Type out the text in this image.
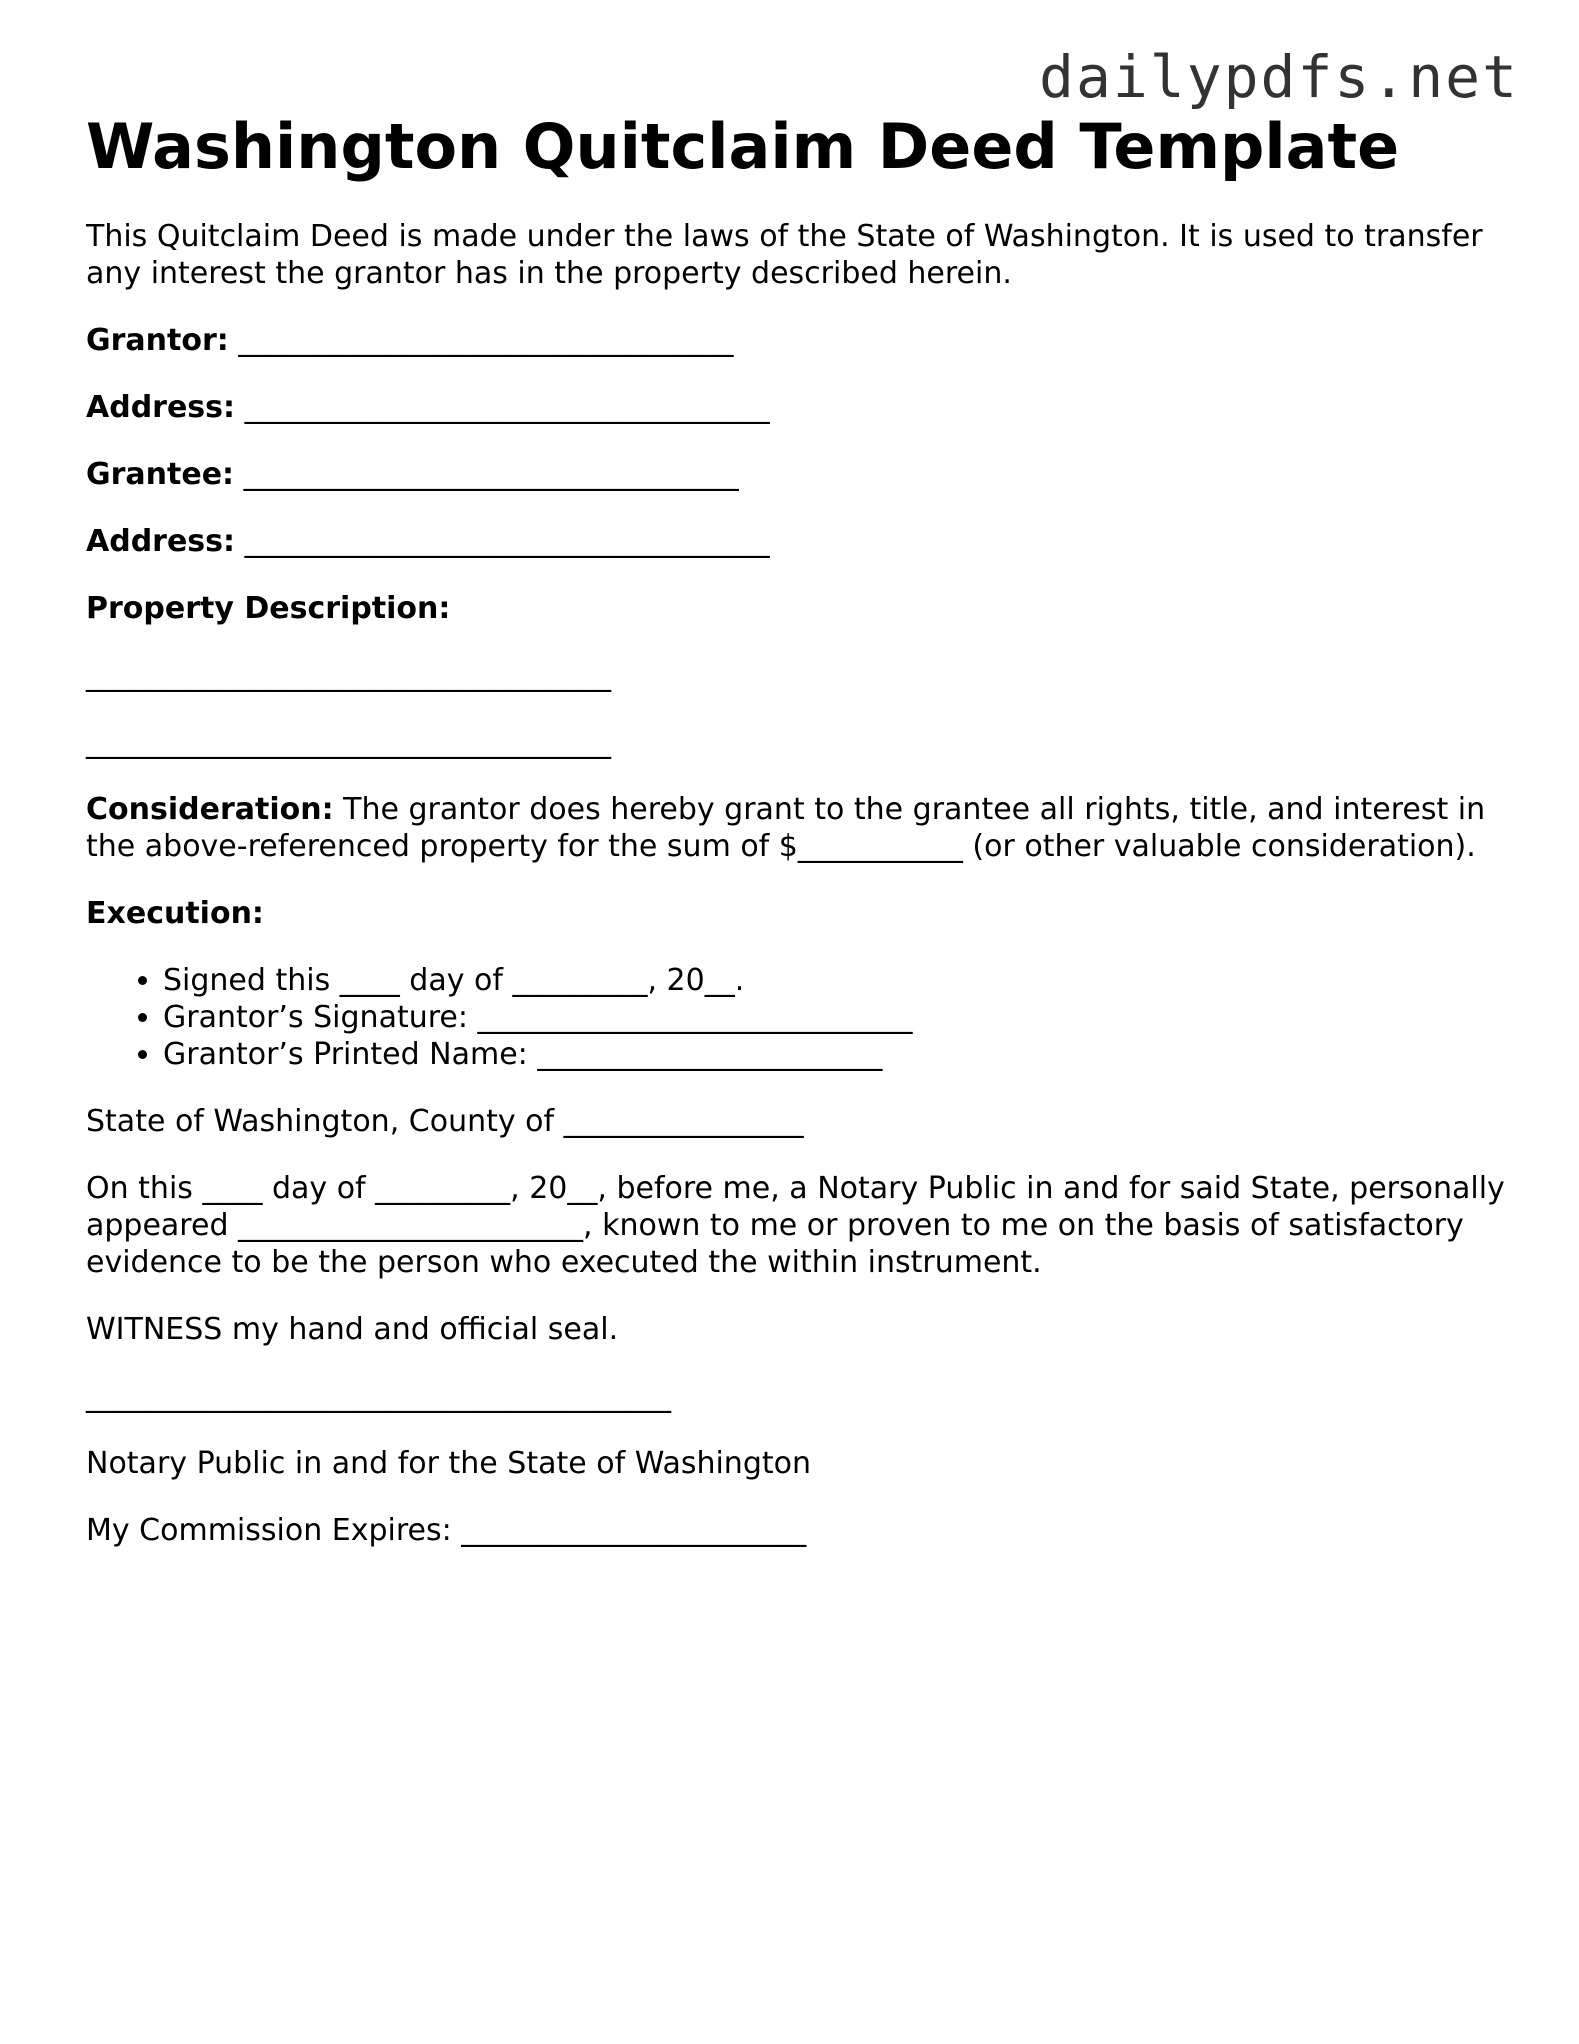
dailypdfs.net
Washington Quitclaim Deed Template

This Quitclaim Deed is made under the laws of the State of Washington. It is used to transfer any interest the grantor has in the property described herein.

Grantor: _________________________________

Address: ___________________________________

Grantee: _________________________________

Address: ___________________________________

Property Description:

___________________________________
___________________________________

Consideration: The grantor does hereby grant to the grantee all rights, title, and interest in the above-referenced property for the sum of $___________ (or other valuable consideration).

Execution:

• Signed this ____ day of _________, 20__.
• Grantor’s Signature: _____________________________
• Grantor’s Printed Name: _______________________

State of Washington, County of ________________

On this ____ day of _________, 20__, before me, a Notary Public in and for said State, personally appeared _______________________, known to me or proven to me on the basis of satisfactory evidence to be the person who executed the within instrument.

WITNESS my hand and official seal.

_______________________________________

Notary Public in and for the State of Washington

My Commission Expires: _______________________
